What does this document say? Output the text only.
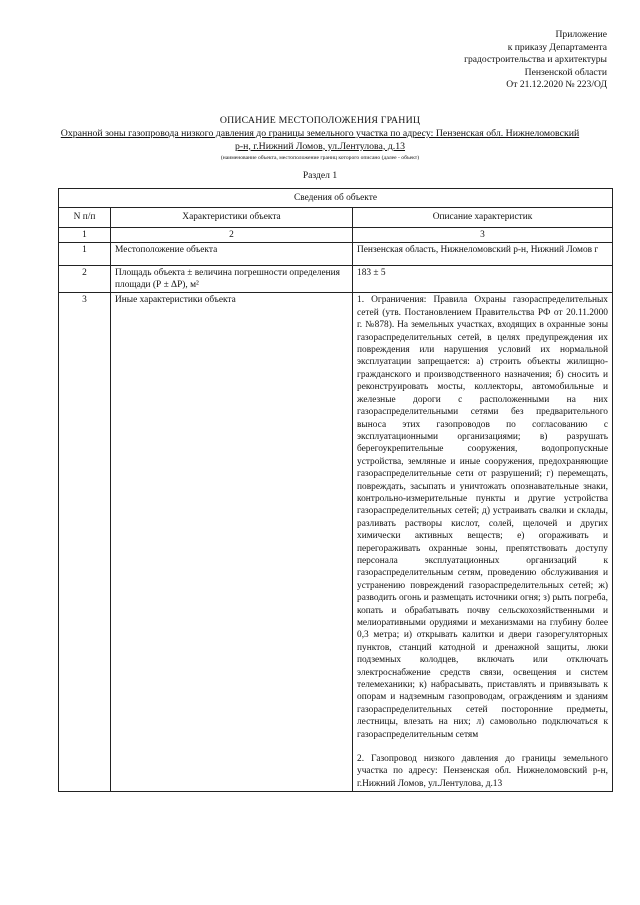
Приложение
к приказу Департамента
градостроительства и архитектуры
Пензенской области
От 21.12.2020 № 223/ОД
ОПИСАНИЕ МЕСТОПОЛОЖЕНИЯ ГРАНИЦ
Охранной зоны газопровода низкого давления до границы земельного участка по адресу: Пензенская обл. Нижнеломовский р-н, г.Нижний Ломов, ул.Лентулова, д.13
(наименование объекта, местоположение границ которого описано (далее - объект)
Раздел 1
Сведения об объекте		
N п/п	Характеристики объекта	Описание характеристик
1	2	3
1	Местоположение объекта	Пензенская область, Нижнеломовский р-н, Нижний Ломов г
2	Площадь объекта ± величина погрешности определения площади (Р ± ΔР), м²	183 ± 5
3	Иные характеристики объекта	1. Ограничения: Правила Охраны газораспределительных сетей (утв. Постановлением Правительства РФ от 20.11.2000 г. №878). На земельных участках, входящих в охранные зоны газораспределительных сетей, в целях предупреждения их повреждения или нарушения условий их нормальной эксплуатации запрещается: а) строить объекты жилищно-гражданского и производственного назначения; б) сносить и реконструировать мосты, коллекторы, автомобильные и железные дороги с расположенными на них газораспределительными сетями без предварительного выноса этих газопроводов по согласованию с эксплуатационными организациями; в) разрушать берегоукрепительные сооружения, водопропускные устройства, земляные и иные сооружения, предохраняющие газораспределительные сети от разрушений; г) перемещать, повреждать, засыпать и уничтожать опознавательные знаки, контрольно-измерительные пункты и другие устройства газораспределительных сетей; д) устраивать свалки и склады, разливать растворы кислот, солей, щелочей и других химически активных веществ; е) огораживать и перегораживать охранные зоны, препятствовать доступу персонала эксплуатационных организаций к газораспределительным сетям, проведению обслуживания и устранению повреждений газораспределительных сетей; ж) разводить огонь и размещать источники огня; з) рыть погреба, копать и обрабатывать почву сельскохозяйственными и мелиоративными орудиями и механизмами на глубину более 0,3 метра; и) открывать калитки и двери газорегуляторных пунктов, станций катодной и дренажной защиты, люки подземных колодцев, включать или отключать электроснабжение средств связи, освещения и систем телемеханики; к) набрасывать, приставлять и привязывать к опорам и надземным газопроводам, ограждениям и зданиям газораспределительных сетей посторонние предметы, лестницы, влезать на них; л) самовольно подключаться к газораспределительным сетям

2. Газопровод низкого давления до границы земельного участка по адресу: Пензенская обл. Нижнеломовский р-н, г.Нижний Ломов, ул.Лентулова, д.13
